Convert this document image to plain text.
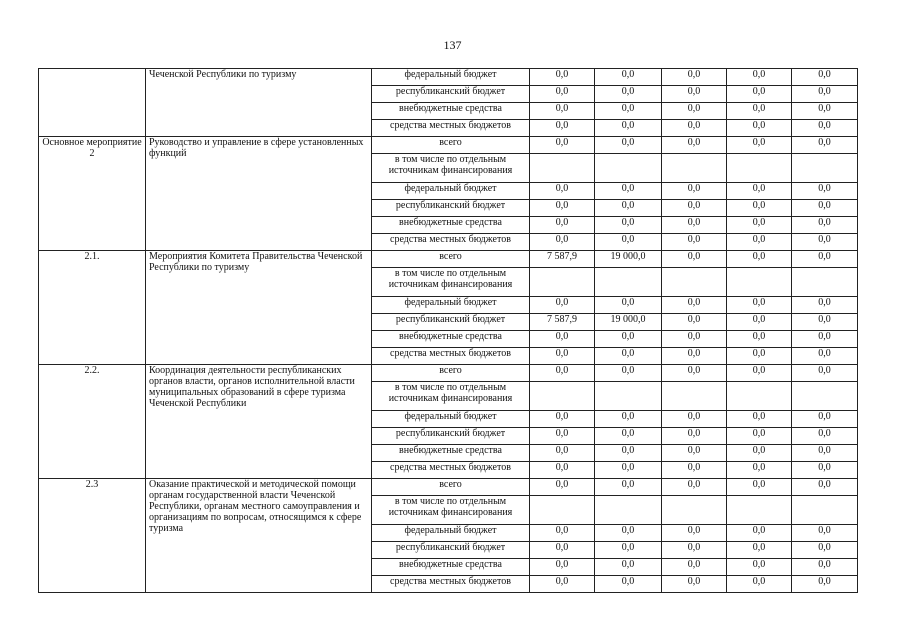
137
	Чеченской Республики по туризму	федеральный бюджет	0,0	0,0	0,0	0,0	0,0
		республиканский бюджет	0,0	0,0	0,0	0,0	0,0
		внебюджетные средства	0,0	0,0	0,0	0,0	0,0
		средства местных бюджетов	0,0	0,0	0,0	0,0	0,0
Основное мероприятие 2	Руководство и управление в сфере установленных функций	всего	0,0	0,0	0,0	0,0	0,0
		в том числе по отдельным источникам финансирования					
		федеральный бюджет	0,0	0,0	0,0	0,0	0,0
		республиканский бюджет	0,0	0,0	0,0	0,0	0,0
		внебюджетные средства	0,0	0,0	0,0	0,0	0,0
		средства местных бюджетов	0,0	0,0	0,0	0,0	0,0
2.1.	Мероприятия Комитета Правительства Чеченской Республики по туризму	всего	7 587,9	19 000,0	0,0	0,0	0,0
		в том числе по отдельным источникам финансирования					
		федеральный бюджет	0,0	0,0	0,0	0,0	0,0
		республиканский бюджет	7 587,9	19 000,0	0,0	0,0	0,0
		внебюджетные средства	0,0	0,0	0,0	0,0	0,0
		средства местных бюджетов	0,0	0,0	0,0	0,0	0,0
2.2.	Координация деятельности республиканских органов власти, органов исполнительной власти муниципальных образований в сфере туризма Чеченской Республики	всего	0,0	0,0	0,0	0,0	0,0
		в том числе по отдельным источникам финансирования					
		федеральный бюджет	0,0	0,0	0,0	0,0	0,0
		республиканский бюджет	0,0	0,0	0,0	0,0	0,0
		внебюджетные средства	0,0	0,0	0,0	0,0	0,0
		средства местных бюджетов	0,0	0,0	0,0	0,0	0,0
2.3	Оказание практической и методической помощи органам государственной власти Чеченской Республики, органам местного самоуправления и организациям по вопросам, относящимся к сфере туризма	всего	0,0	0,0	0,0	0,0	0,0
		в том числе по отдельным источникам финансирования					
		федеральный бюджет	0,0	0,0	0,0	0,0	0,0
		республиканский бюджет	0,0	0,0	0,0	0,0	0,0
		внебюджетные средства	0,0	0,0	0,0	0,0	0,0
		средства местных бюджетов	0,0	0,0	0,0	0,0	0,0
